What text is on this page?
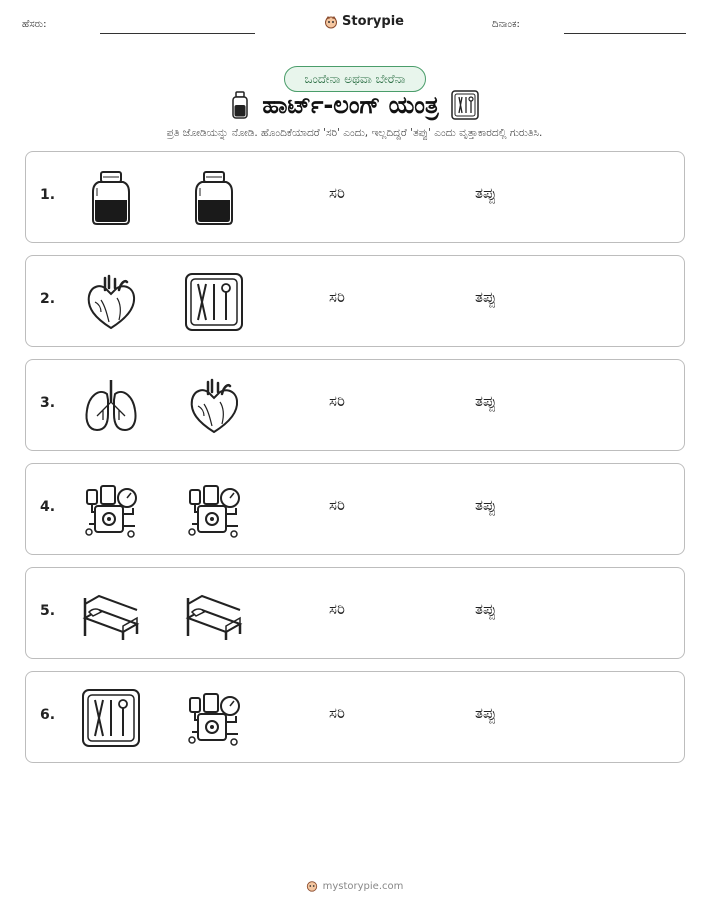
ಹೆಸರು:	Storypie	ದಿನಾಂಕ:
ಒಂದೇನಾ ಅಥವಾ ಬೇರೆನಾ
ಹಾರ್ಟ್-ಲಂಗ್ ಯಂತ್ರ
ಪ್ರತಿ ಜೋಡಿಯನ್ನು ನೋಡಿ. ಹೊಂದಿಕೆಯಾದರೆ 'ಸರಿ' ಎಂದು, ಇಲ್ಲದಿದ್ದರೆ 'ತಪ್ಪು' ಎಂದು ವೃತ್ತಾಕಾರದಲ್ಲಿ ಗುರುತಿಸಿ.
1.	ಸರಿ	ತಪ್ಪು
2.	ಸರಿ	ತಪ್ಪು
3.	ಸರಿ	ತಪ್ಪು
4.	ಸರಿ	ತಪ್ಪು
5.	ಸರಿ	ತಪ್ಪು
6.	ಸರಿ	ತಪ್ಪು
mystorypie.com
